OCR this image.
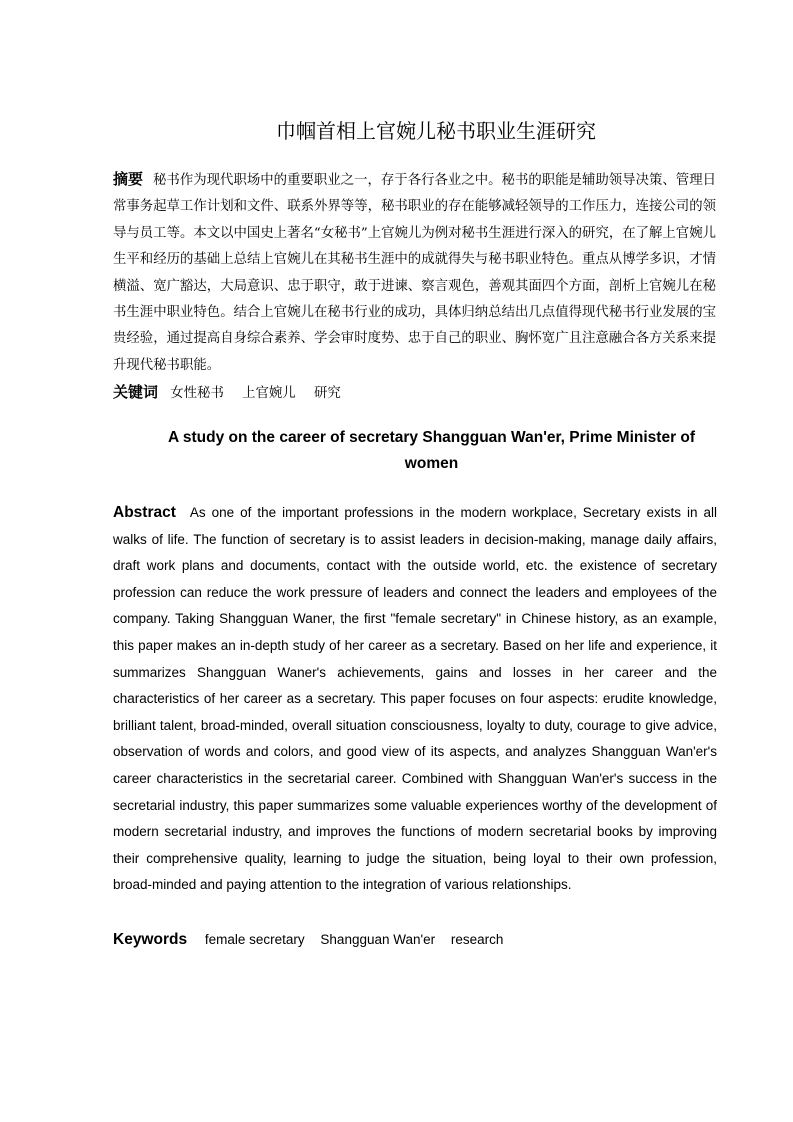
巾帼首相上官婉儿秘书职业生涯研究
摘要 秘书作为现代职场中的重要职业之一，存于各行各业之中。秘书的职能是辅助领导决策、管理日常事务起草工作计划和文件、联系外界等等，秘书职业的存在能够减轻领导的工作压力，连接公司的领导与员工等。本文以中国史上著名“女秘书”上官婉儿为例对秘书生涯进行深入的研究，在了解上官婉儿生平和经历的基础上总结上官婉儿在其秘书生涯中的成就得失与秘书职业特色。重点从博学多识，才情横溢、宽广豁达，大局意识、忠于职守，敢于进谏、察言观色，善观其面四个方面，剖析上官婉儿在秘书生涯中职业特色。结合上官婉儿在秘书行业的成功，具体归纳总结出几点值得现代秘书行业发展的宝贵经验，通过提高自身综合素养、学会审时度势、忠于自己的职业、胸怀宽广且注意融合各方关系来提升现代秘书职能。
关键词 女性秘书 上官婉儿 研究
A study on the career of secretary Shangguan Wan'er, Prime Minister of women
Abstract As one of the important professions in the modern workplace, Secretary exists in all walks of life. The function of secretary is to assist leaders in decision-making, manage daily affairs, draft work plans and documents, contact with the outside world, etc. the existence of secretary profession can reduce the work pressure of leaders and connect the leaders and employees of the company. Taking Shangguan Waner, the first "female secretary" in Chinese history, as an example, this paper makes an in-depth study of her career as a secretary. Based on her life and experience, it summarizes Shangguan Waner's achievements, gains and losses in her career and the characteristics of her career as a secretary. This paper focuses on four aspects: erudite knowledge, brilliant talent, broad-minded, overall situation consciousness, loyalty to duty, courage to give advice, observation of words and colors, and good view of its aspects, and analyzes Shangguan Wan'er's career characteristics in the secretarial career. Combined with Shangguan Wan'er's success in the secretarial industry, this paper summarizes some valuable experiences worthy of the development of modern secretarial industry, and improves the functions of modern secretarial books by improving their comprehensive quality, learning to judge the situation, being loyal to their own profession, broad-minded and paying attention to the integration of various relationships.
Keywords female secretary Shangguan Wan'er research
